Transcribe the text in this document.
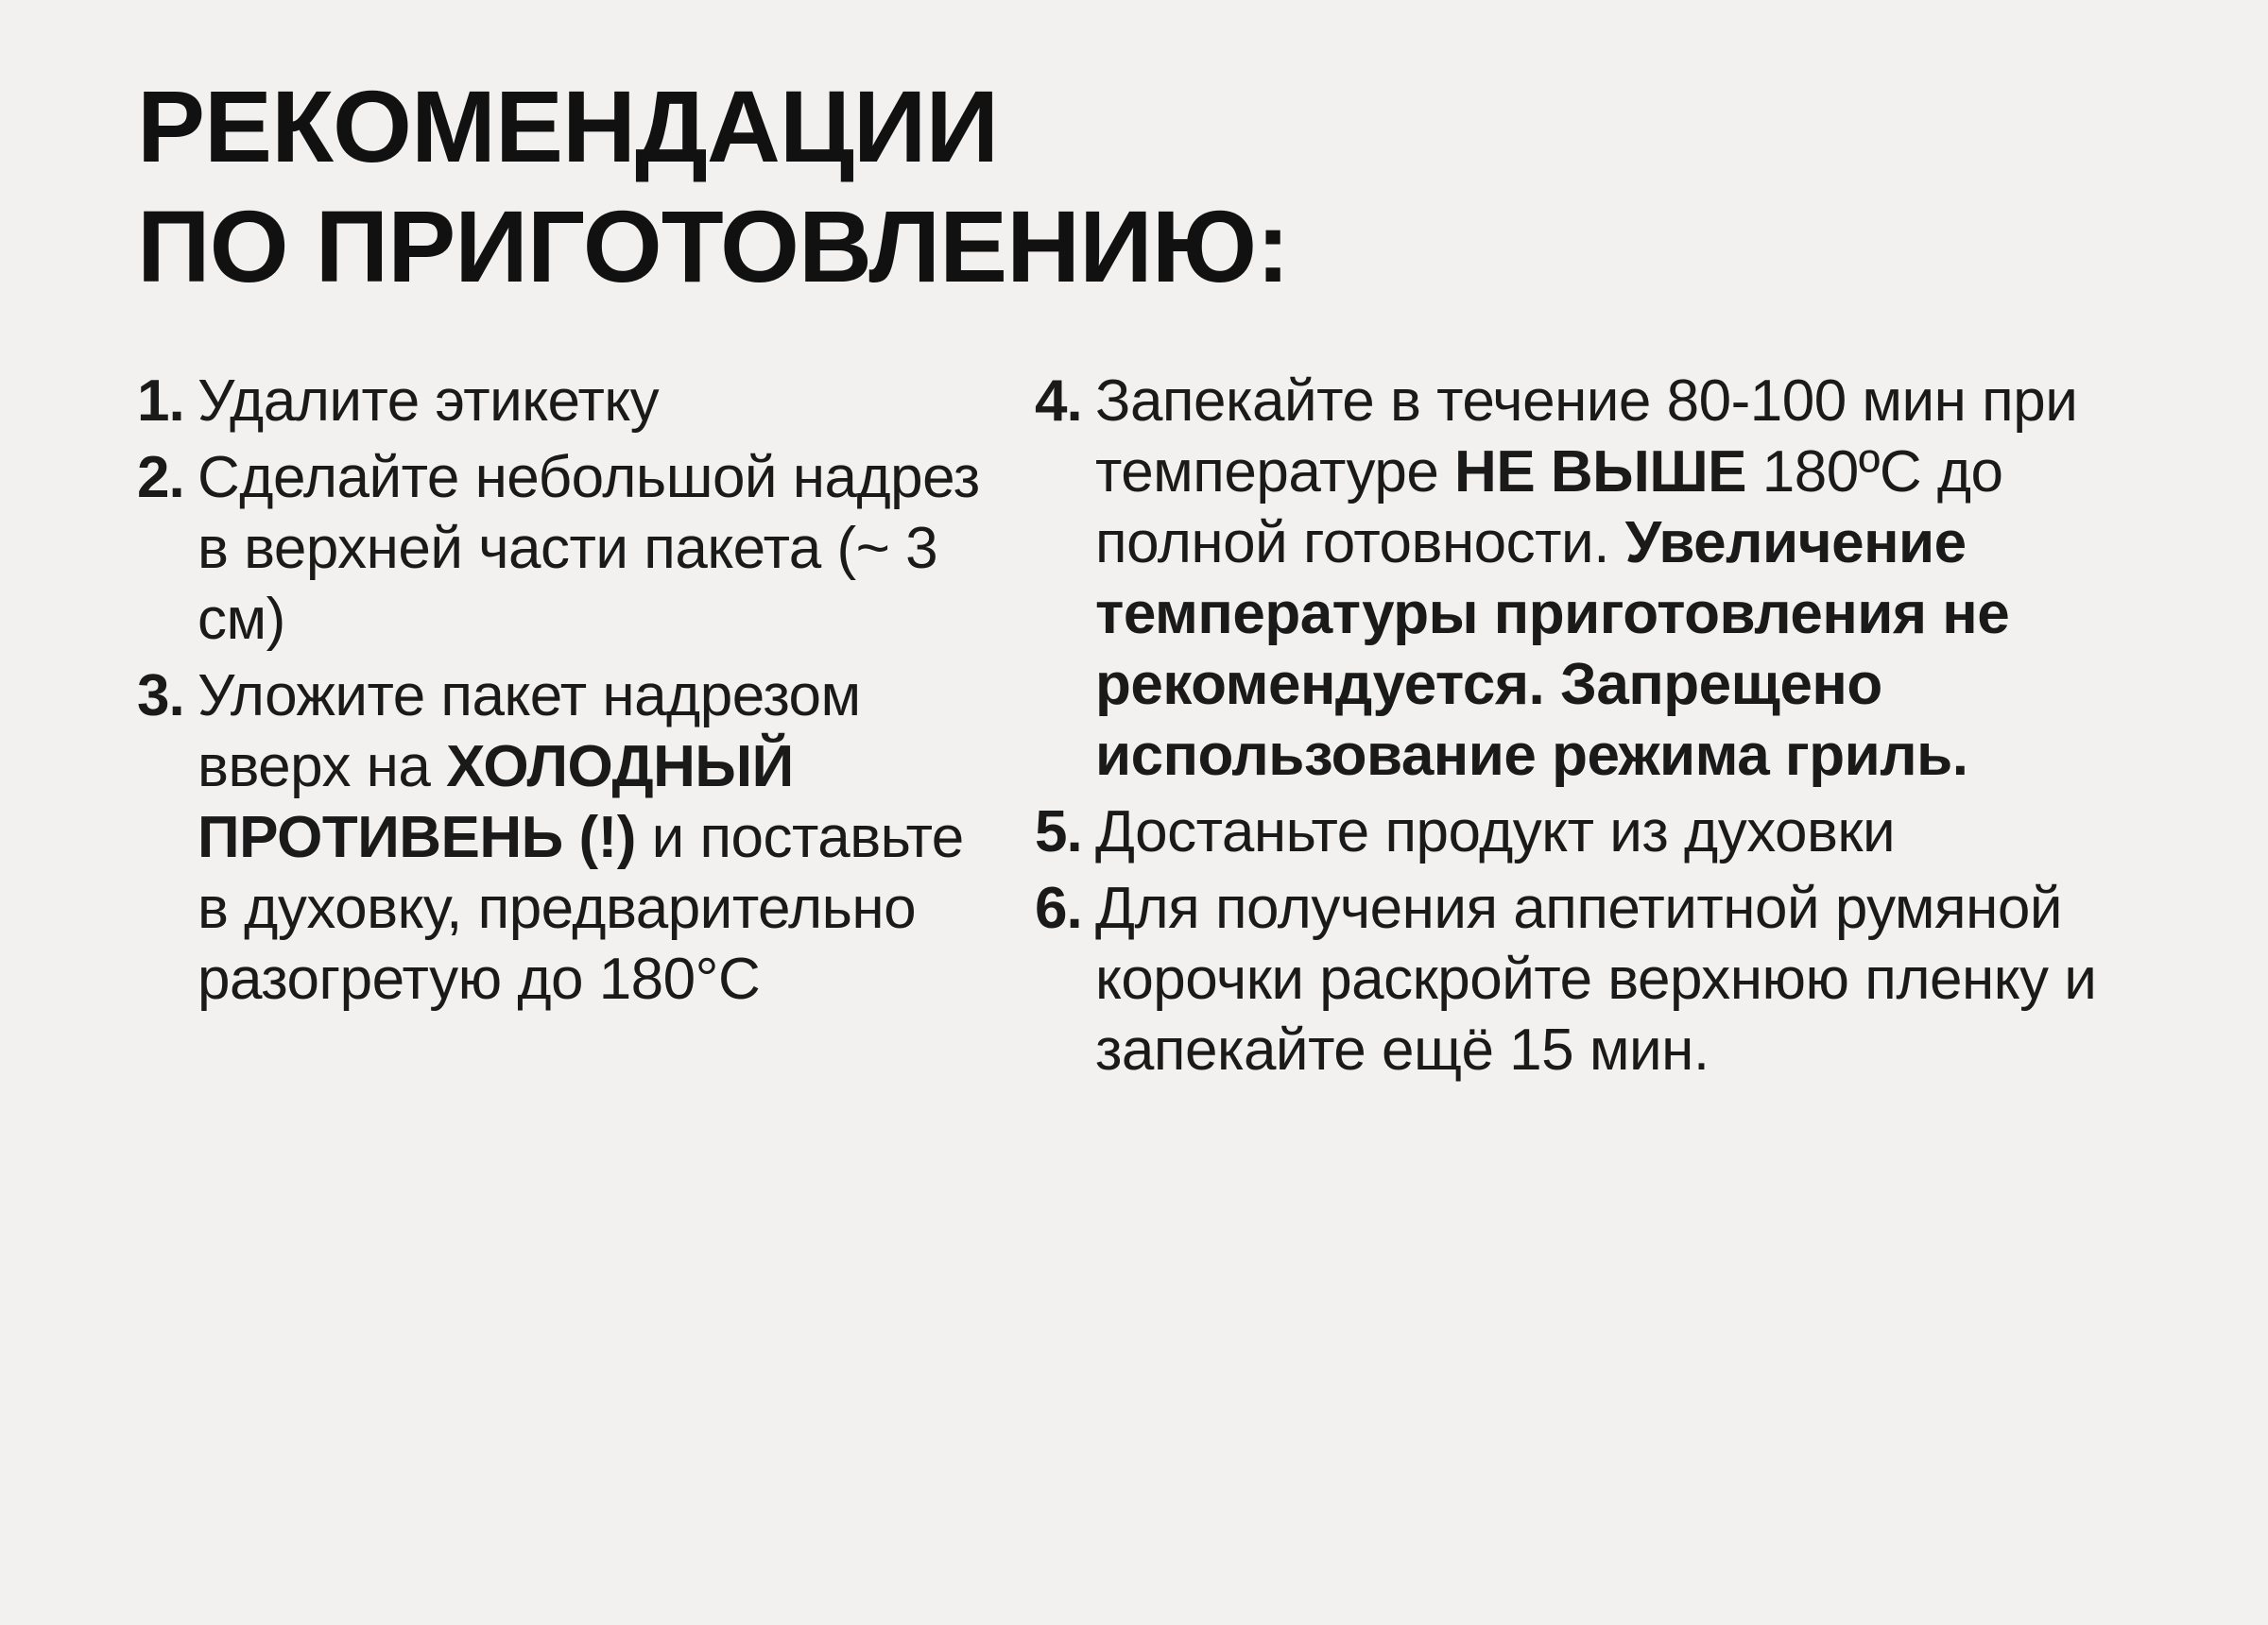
РЕКОМЕНДАЦИИ
ПО ПРИГОТОВЛЕНИЮ:
1. Удалите этикетку
2. Сделайте небольшой надрез в верхней части пакета (~ 3 см)
3. Уложите пакет надрезом вверх на ХОЛОДНЫЙ ПРОТИВЕНЬ (!) и поставьте в духовку, предварительно разогретую до 180°С
4. Запекайте в течение 80-100 мин при температуре НЕ ВЫШЕ 180ºС до полной готовности. Увеличение температуры приготовления не рекомендуется. Запрещено использование режима гриль.
5. Достаньте продукт из духовки
6. Для получения аппетитной румяной корочки раскройте верхнюю пленку и запекайте ещё 15 мин.
